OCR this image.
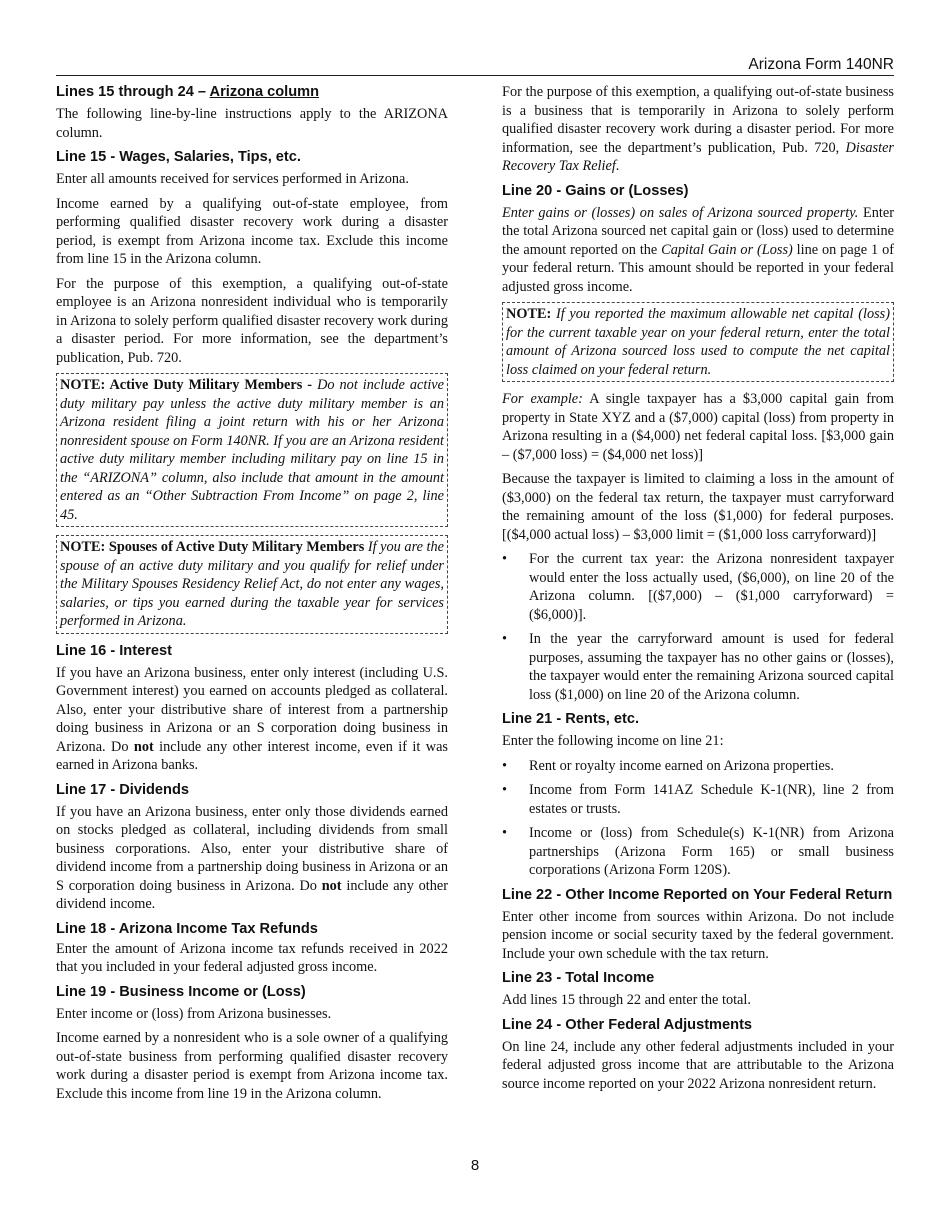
Arizona Form 140NR
Lines 15 through 24 – Arizona column

The following line-by-line instructions apply to the ARIZONA column.

Line 15 - Wages, Salaries, Tips, etc.

Enter all amounts received for services performed in Arizona.

Income earned by a qualifying out-of-state employee, from performing qualified disaster recovery work during a disaster period, is exempt from Arizona income tax. Exclude this income from line 15 in the Arizona column.

For the purpose of this exemption, a qualifying out-of-state employee is an Arizona nonresident individual who is temporarily in Arizona to solely perform qualified disaster recovery work during a disaster period. For more information, see the department’s publication, Pub. 720.

NOTE: Active Duty Military Members - Do not include active duty military pay unless the active duty military member is an Arizona resident filing a joint return with his or her Arizona nonresident spouse on Form 140NR. If you are an Arizona resident active duty military member including military pay on line 15 in the “ARIZONA” column, also include that amount in the amount entered as an “Other Subtraction From Income” on page 2, line 45.
NOTE: Spouses of Active Duty Military Members If you are the spouse of an active duty military and you qualify for relief under the Military Spouses Residency Relief Act, do not enter any wages, salaries, or tips you earned during the taxable year for services performed in Arizona.
Line 16 - Interest

If you have an Arizona business, enter only interest (including U.S. Government interest) you earned on accounts pledged as collateral. Also, enter your distributive share of interest from a partnership doing business in Arizona or an S corporation doing business in Arizona. Do not include any other interest income, even if it was earned in Arizona banks.

Line 17 - Dividends

If you have an Arizona business, enter only those dividends earned on stocks pledged as collateral, including dividends from small business corporations. Also, enter your distributive share of dividend income from a partnership doing business in Arizona or an S corporation doing business in Arizona. Do not include any other dividend income.

Line 18 - Arizona Income Tax Refunds

Enter the amount of Arizona income tax refunds received in 2022 that you included in your federal adjusted gross income.

Line 19 - Business Income or (Loss)

Enter income or (loss) from Arizona businesses.

Income earned by a nonresident who is a sole owner of a qualifying out-of-state business from performing qualified disaster recovery work during a disaster period is exempt from Arizona income tax. Exclude this income from line 19 in the Arizona column.

For the purpose of this exemption, a qualifying out-of-state business is a business that is temporarily in Arizona to solely perform qualified disaster recovery work during a disaster period. For more information, see the department’s publication, Pub. 720, Disaster Recovery Tax Relief.

Line 20 - Gains or (Losses)

Enter gains or (losses) on sales of Arizona sourced property. Enter the total Arizona sourced net capital gain or (loss) used to determine the amount reported on the Capital Gain or (Loss) line on page 1 of your federal return. This amount should be reported in your federal adjusted gross income.

NOTE: If you reported the maximum allowable net capital (loss) for the current taxable year on your federal return, enter the total amount of Arizona sourced loss used to compute the net capital loss claimed on your federal return.

For example: A single taxpayer has a $3,000 capital gain from property in State XYZ and a ($7,000) capital (loss) from property in Arizona resulting in a ($4,000) net federal capital loss. [$3,000 gain – ($7,000 loss) = ($4,000 net loss)]

Because the taxpayer is limited to claiming a loss in the amount of ($3,000) on the federal tax return, the taxpayer must carryforward the remaining amount of the loss ($1,000) for federal purposes. [($4,000 actual loss) – $3,000 limit = ($1,000 loss carryforward)]

• For the current tax year: the Arizona nonresident taxpayer would enter the loss actually used, ($6,000), on line 20 of the Arizona column. [($7,000) – ($1,000 carryforward) = ($6,000)].
• In the year the carryforward amount is used for federal purposes, assuming the taxpayer has no other gains or (losses), the taxpayer would enter the remaining Arizona sourced capital loss ($1,000) on line 20 of the Arizona column.
Line 21 - Rents, etc.

Enter the following income on line 21:

• Rent or royalty income earned on Arizona properties.
• Income from Form 141AZ Schedule K-1(NR), line 2 from estates or trusts.
• Income or (loss) from Schedule(s) K-1(NR) from Arizona partnerships (Arizona Form 165) or small business corporations (Arizona Form 120S).
Line 22 - Other Income Reported on Your Federal Return

Enter other income from sources within Arizona. Do not include pension income or social security taxed by the federal government. Include your own schedule with the tax return.

Line 23 - Total Income

Add lines 15 through 22 and enter the total.

Line 24 - Other Federal Adjustments

On line 24, include any other federal adjustments included in your federal adjusted gross income that are attributable to the Arizona source income reported on your 2022 Arizona nonresident return.

8
